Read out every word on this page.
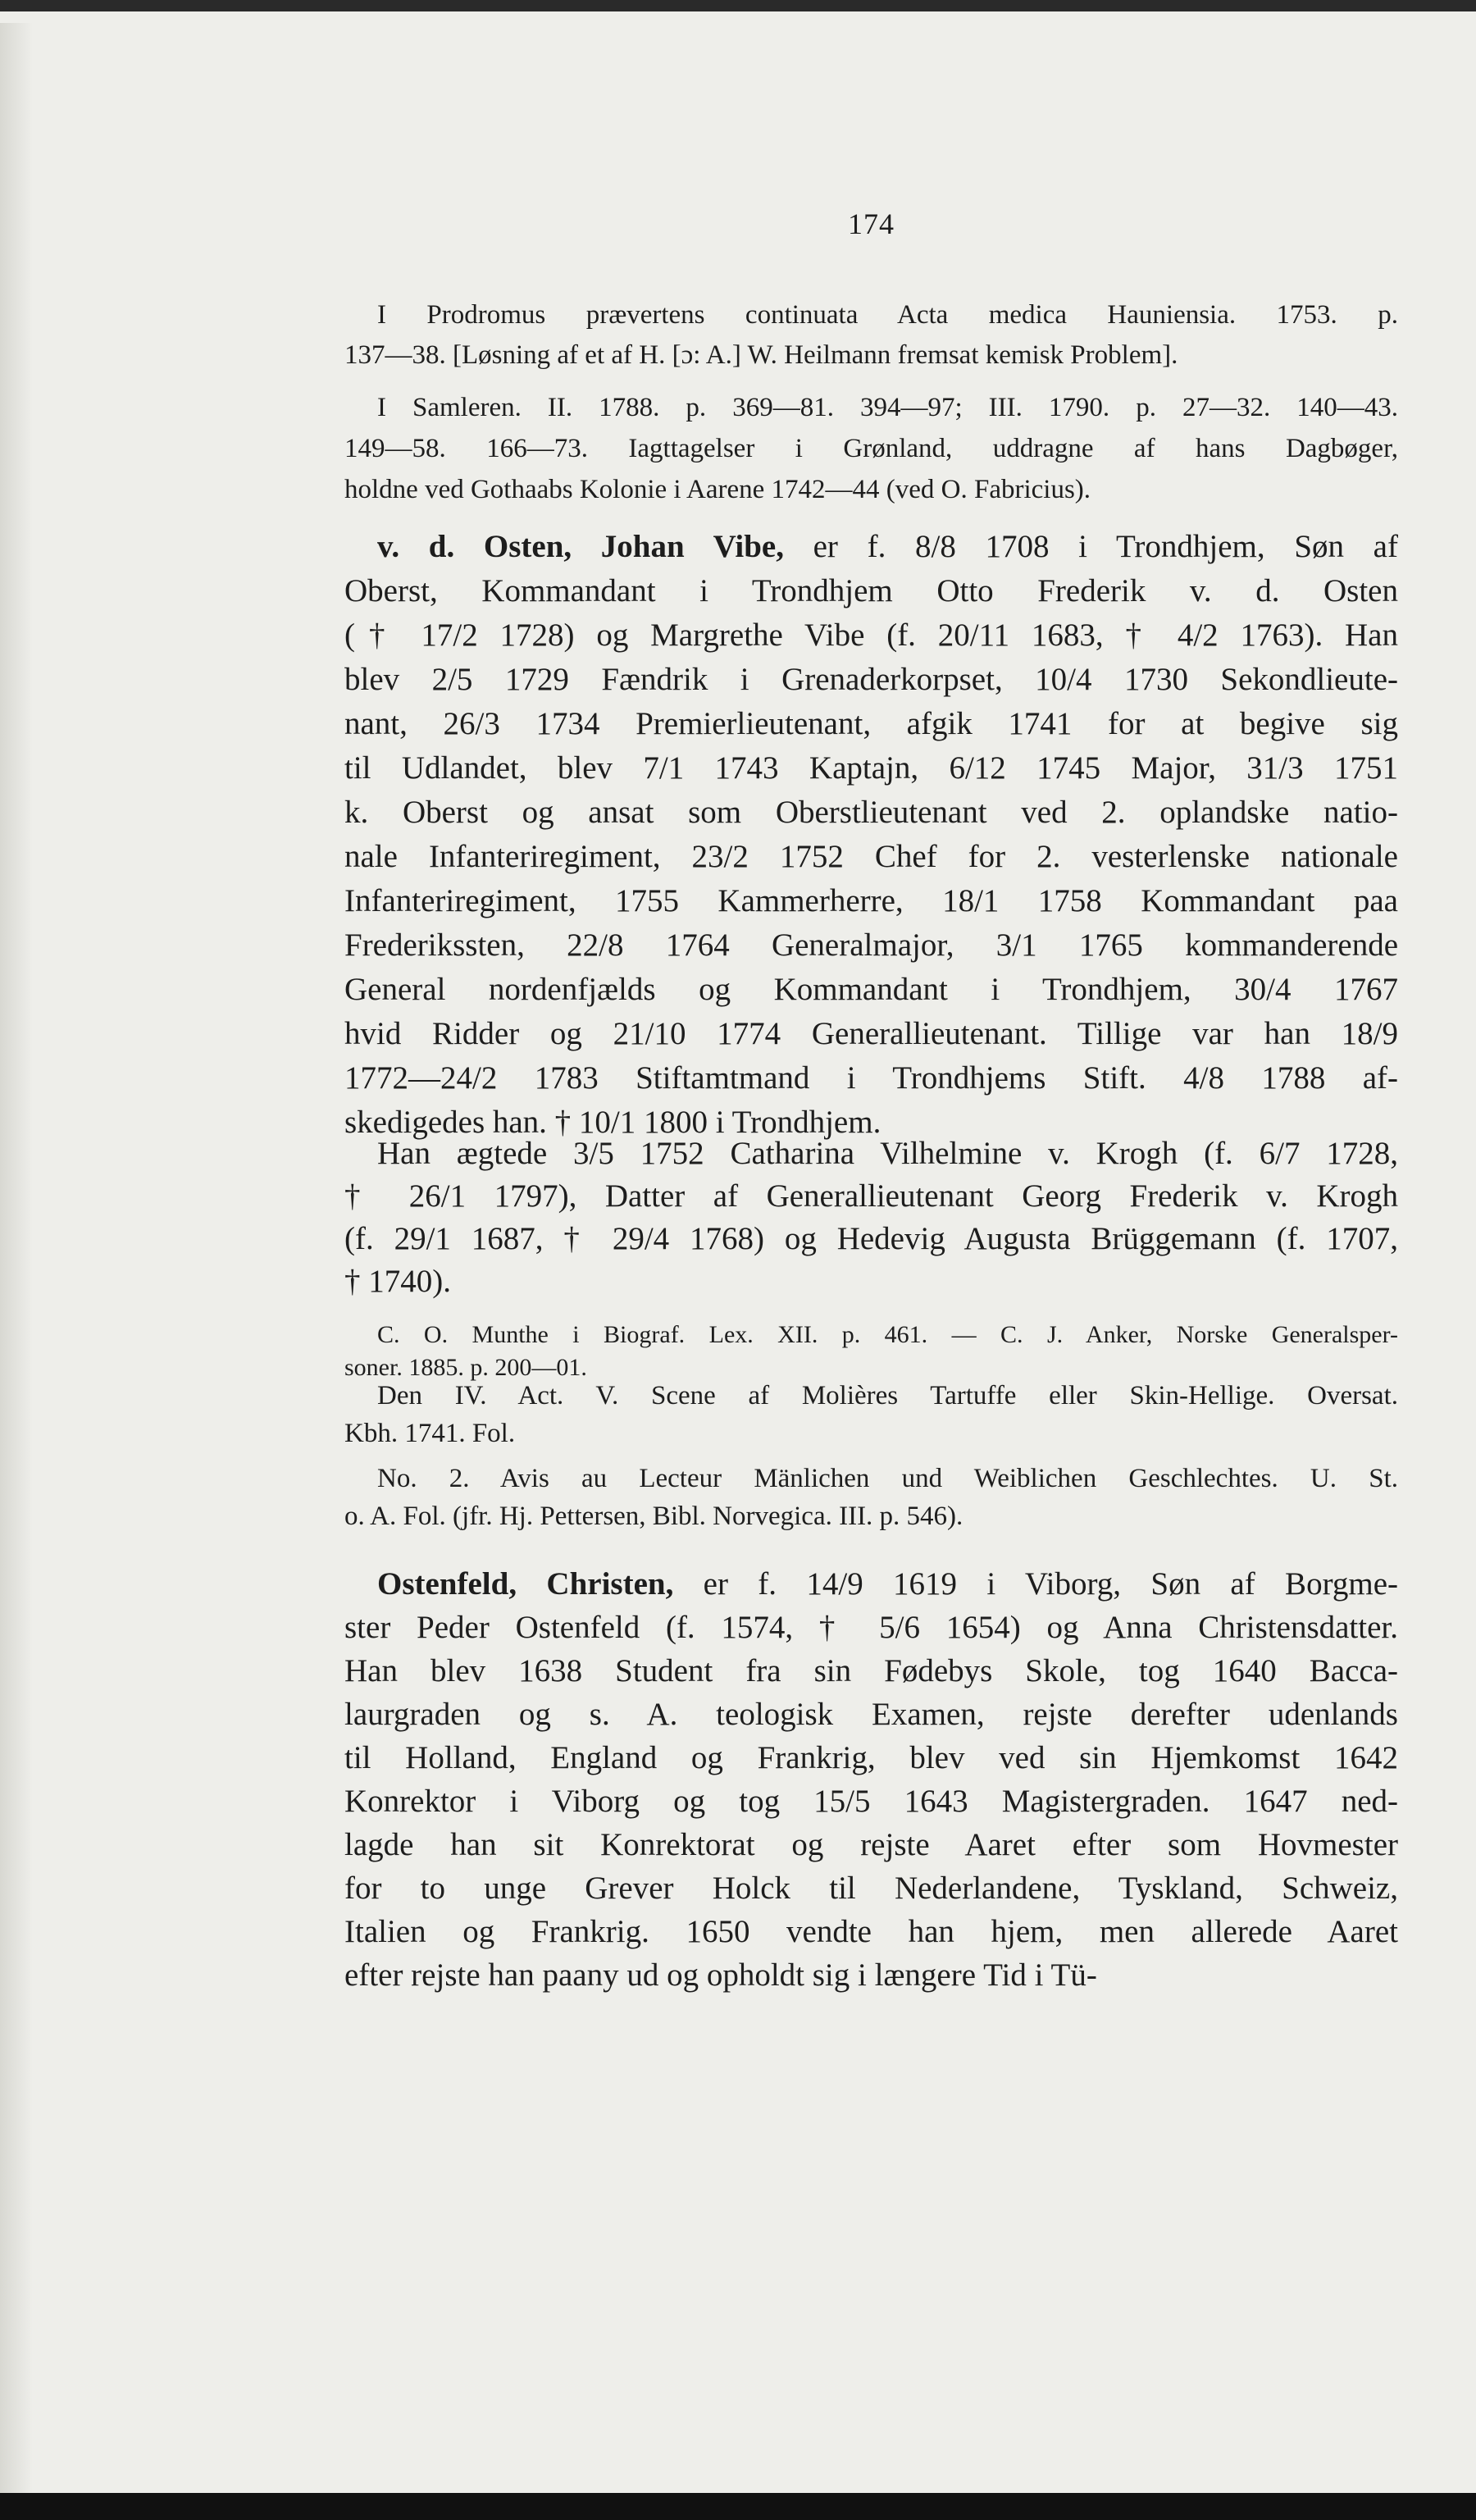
174
I Prodromus prævertens continuata Acta medica Hauniensia. 1753. p.
137—38. [Løsning af et af H. [ɔ: A.] W. Heilmann fremsat kemisk Problem].
I Samleren. II. 1788. p. 369—81. 394—97; III. 1790. p. 27—32. 140—43.
149—58. 166—73. Iagttagelser i Grønland, uddragne af hans Dagbøger,
holdne ved Gothaabs Kolonie i Aarene 1742—44 (ved O. Fabricius).
v. d. Osten, Johan Vibe, er f. 8/8 1708 i Trondhjem, Søn af
Oberst, Kommandant i Trondhjem Otto Frederik v. d. Osten
(† 17/2 1728) og Margrethe Vibe (f. 20/11 1683, † 4/2 1763). Han
blev 2/5 1729 Fændrik i Grenaderkorpset, 10/4 1730 Sekondlieute-
nant, 26/3 1734 Premierlieutenant, afgik 1741 for at begive sig
til Udlandet, blev 7/1 1743 Kaptajn, 6/12 1745 Major, 31/3 1751
k. Oberst og ansat som Oberstlieutenant ved 2. oplandske natio-
nale Infanteriregiment, 23/2 1752 Chef for 2. vesterlenske nationale
Infanteriregiment, 1755 Kammerherre, 18/1 1758 Kommandant paa
Frederikssten, 22/8 1764 Generalmajor, 3/1 1765 kommanderende
General nordenfjælds og Kommandant i Trondhjem, 30/4 1767
hvid Ridder og 21/10 1774 Generallieutenant. Tillige var han 18/9
1772—24/2 1783 Stiftamtmand i Trondhjems Stift. 4/8 1788 af-
skedigedes han. † 10/1 1800 i Trondhjem.
Han ægtede 3/5 1752 Catharina Vilhelmine v. Krogh (f. 6/7 1728,
† 26/1 1797), Datter af Generallieutenant Georg Frederik v. Krogh
(f. 29/1 1687, † 29/4 1768) og Hedevig Augusta Brüggemann (f. 1707,
† 1740).
C. O. Munthe i Biograf. Lex. XII. p. 461. — C. J. Anker, Norske Generalsper-
soner. 1885. p. 200—01.
Den IV. Act. V. Scene af Molières Tartuffe eller Skin-Hellige. Oversat.
Kbh. 1741. Fol.
No. 2. Avis au Lecteur Mänlichen und Weiblichen Geschlechtes. U. St.
o. A. Fol. (jfr. Hj. Pettersen, Bibl. Norvegica. III. p. 546).
Ostenfeld, Christen, er f. 14/9 1619 i Viborg, Søn af Borgme-
ster Peder Ostenfeld (f. 1574, † 5/6 1654) og Anna Christensdatter.
Han blev 1638 Student fra sin Fødebys Skole, tog 1640 Bacca-
laurgraden og s. A. teologisk Examen, rejste derefter udenlands
til Holland, England og Frankrig, blev ved sin Hjemkomst 1642
Konrektor i Viborg og tog 15/5 1643 Magistergraden. 1647 ned-
lagde han sit Konrektorat og rejste Aaret efter som Hovmester
for to unge Grever Holck til Nederlandene, Tyskland, Schweiz,
Italien og Frankrig. 1650 vendte han hjem, men allerede Aaret
efter rejste han paany ud og opholdt sig i længere Tid i Tü-
